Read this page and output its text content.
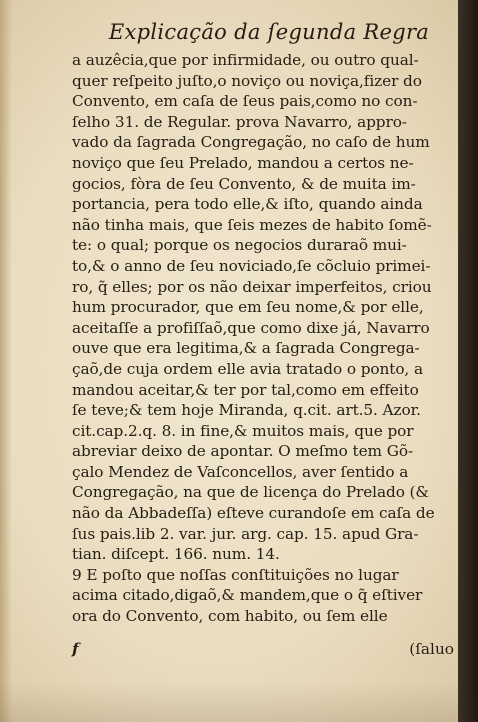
Explicação da ſegunda Regra
a auzêcia,que por infirmidade, ou outro qual-
quer reſpeito juſto,o noviço ou noviça,fizer do
Convento, em caſa de ſeus pais,como no con-
ſelho 31. de Regular. prova Navarro, appro-
vado da ſagrada Congregação, no caſo de hum
noviço que ſeu Prelado, mandou a certos ne-
gocios, fòra de ſeu Convento, & de muita im-
portancia, pera todo elle,& iſto, quando ainda
não tinha mais, que ſeis mezes de habito ſomẽ-
te: o qual; porque os negocios duraraõ mui-
to,& o anno de ſeu noviciado,ſe cõcluio primei-
ro, q̃ elles; por os não deixar imperfeitos, criou
hum procurador, que em ſeu nome,& por elle,
aceitaſſe a profiſſaõ,que como dixe já, Navarro
ouve que era legitima,& a ſagrada Congrega-
çaõ,de cuja ordem elle avia tratado o ponto, a
mandou aceitar,& ter por tal,como em effeito
ſe teve;& tem hoje Miranda, q.cit. art.5. Azor.
cit.cap.2.q. 8. in fine,& muitos mais, que por
abreviar deixo de apontar. O meſmo tem Gõ-
çalo Mendez de Vaſconcellos, aver ſentido a
Congregação, na que de licença do Prelado (&
não da Abbadeſſa) eſteve curandoſe em caſa de
ſus pais.lib 2. var. jur. arg. cap. 15. apud Gra-
tian. diſcept. 166. num. 14.
9 E poſto que noſſas conſtituições no lugar
acima citado,digaõ,& mandem,que o q̃ eſtiver
ora do Convento, com habito, ou ſem elle
f	(ſaluo
